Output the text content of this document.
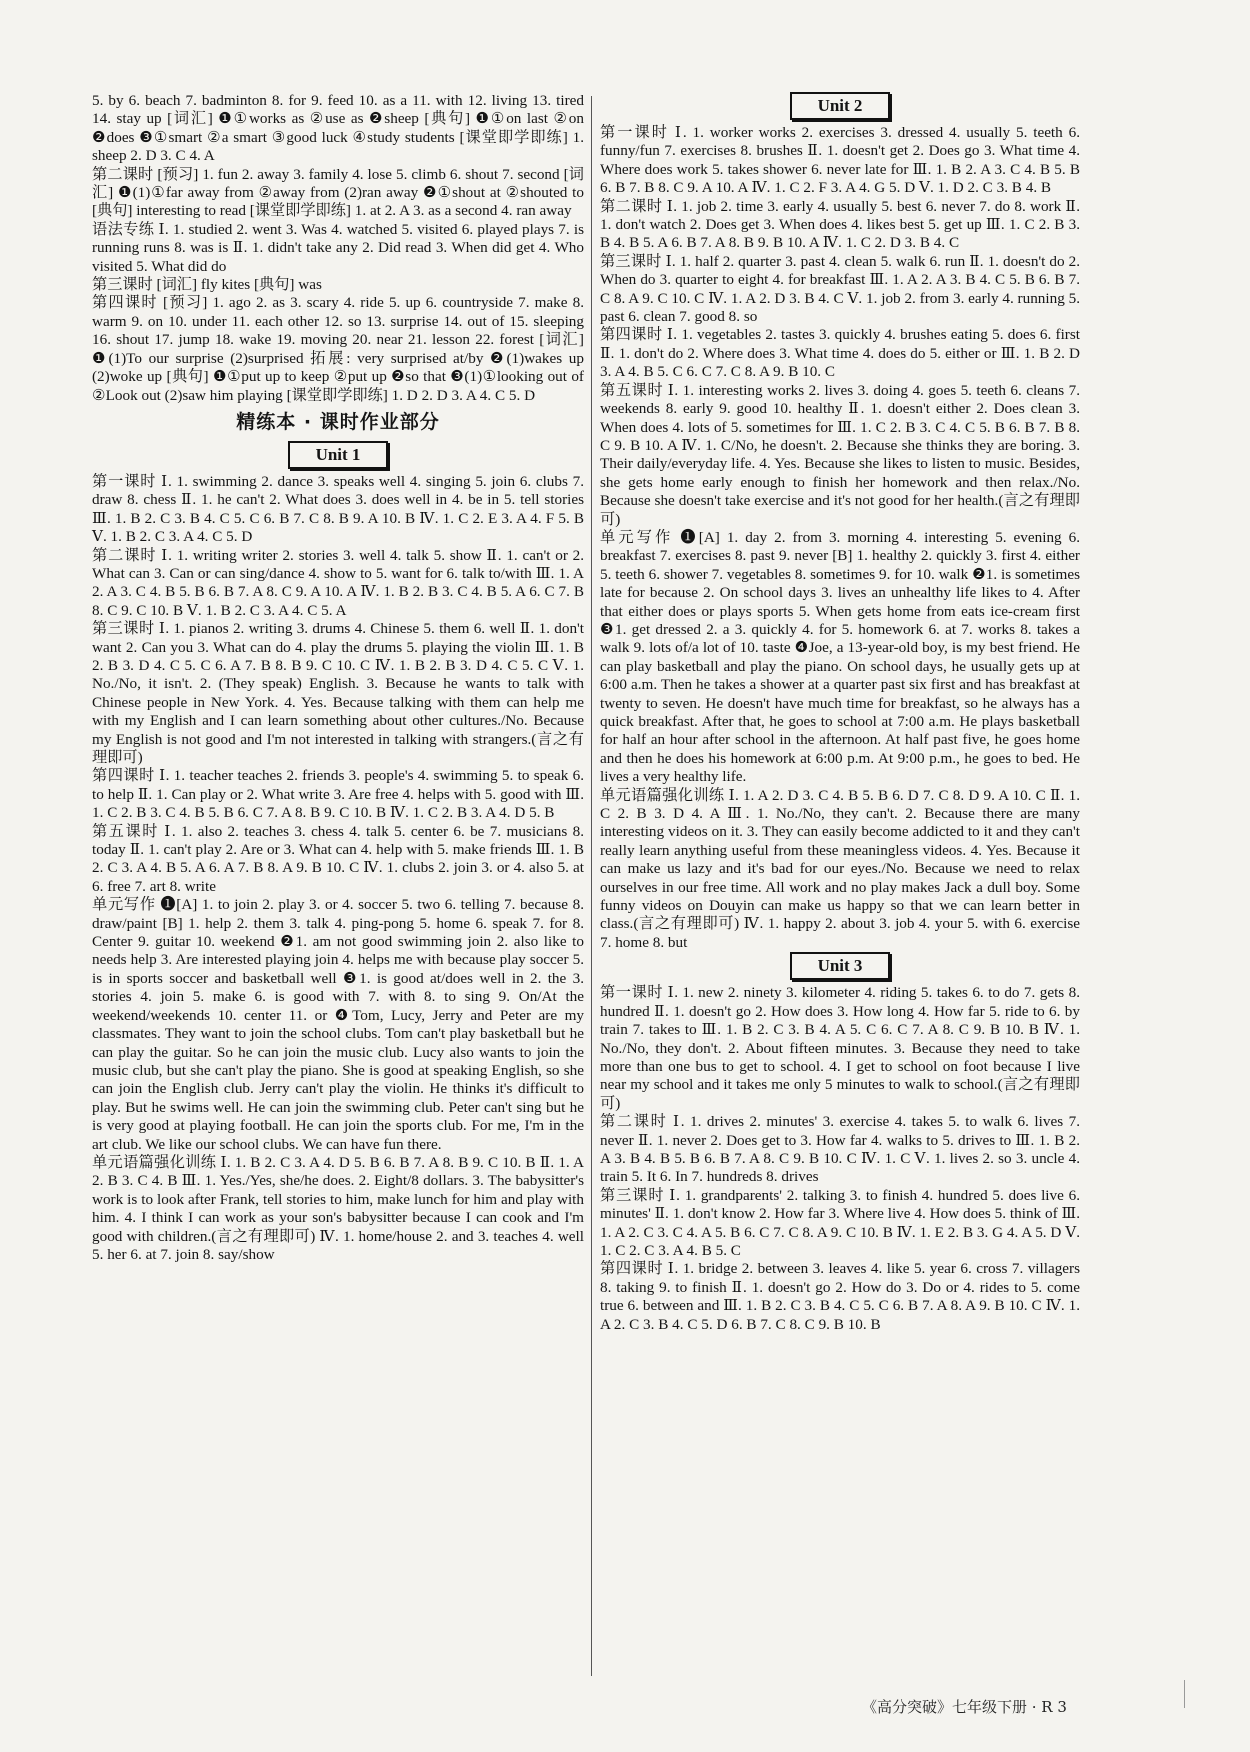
5. by 6. beach 7. badminton 8. for 9. feed 10. as a 11. with 12. living 13. tired 14. stay up [词汇] ❶①works as ②use as ❷sheep [典句] ❶①on last ②on ❷does ❸①smart ②a smart ③good luck ④study students [课堂即学即练] 1. sheep 2. D 3. C 4. A

第二课时 [预习] 1. fun 2. away 3. family 4. lose 5. climb 6. shout 7. second [词汇] ❶(1)①far away from ②away from (2)ran away ❷①shout at ②shouted to [典句] interesting to read [课堂即学即练] 1. at 2. A 3. as a second 4. ran away

语法专练 Ⅰ. 1. studied 2. went 3. Was 4. watched 5. visited 6. played plays 7. is running runs 8. was is Ⅱ. 1. didn't take any 2. Did read 3. When did get 4. Who visited 5. What did do

第三课时 [词汇] fly kites [典句] was

第四课时 [预习] 1. ago 2. as 3. scary 4. ride 5. up 6. countryside 7. make 8. warm 9. on 10. under 11. each other 12. so 13. surprise 14. out of 15. sleeping 16. shout 17. jump 18. wake 19. moving 20. near 21. lesson 22. forest [词汇] ❶(1)To our surprise (2)surprised 拓展: very surprised at/by ❷(1)wakes up (2)woke up [典句] ❶①put up to keep ②put up ❷so that ❸(1)①looking out of ②Look out (2)saw him playing [课堂即学即练] 1. D 2. D 3. A 4. C 5. D

精练本 · 课时作业部分
Unit 1

第一课时 Ⅰ. 1. swimming 2. dance 3. speaks well 4. singing 5. join 6. clubs 7. draw 8. chess Ⅱ. 1. he can't 2. What does 3. does well in 4. be in 5. tell stories Ⅲ. 1. B 2. C 3. B 4. C 5. C 6. B 7. C 8. B 9. A 10. B Ⅳ. 1. C 2. E 3. A 4. F 5. B Ⅴ. 1. B 2. C 3. A 4. C 5. D

第二课时 Ⅰ. 1. writing writer 2. stories 3. well 4. talk 5. show Ⅱ. 1. can't or 2. What can 3. Can or can sing/dance 4. show to 5. want for 6. talk to/with Ⅲ. 1. A 2. A 3. C 4. B 5. B 6. B 7. A 8. C 9. A 10. A Ⅳ. 1. B 2. B 3. C 4. B 5. A 6. C 7. B 8. C 9. C 10. B Ⅴ. 1. B 2. C 3. A 4. C 5. A

第三课时 Ⅰ. 1. pianos 2. writing 3. drums 4. Chinese 5. them 6. well Ⅱ. 1. don't want 2. Can you 3. What can do 4. play the drums 5. playing the violin Ⅲ. 1. B 2. B 3. D 4. C 5. C 6. A 7. B 8. B 9. C 10. C Ⅳ. 1. B 2. B 3. D 4. C 5. C Ⅴ. 1. No./No, it isn't. 2. (They speak) English. 3. Because he wants to talk with Chinese people in New York. 4. Yes. Because talking with them can help me with my English and I can learn something about other cultures./No. Because my English is not good and I'm not interested in talking with strangers.(言之有理即可)

第四课时 Ⅰ. 1. teacher teaches 2. friends 3. people's 4. swimming 5. to speak 6. to help Ⅱ. 1. Can play or 2. What write 3. Are free 4. helps with 5. good with Ⅲ. 1. C 2. B 3. C 4. B 5. B 6. C 7. A 8. B 9. C 10. B Ⅳ. 1. C 2. B 3. A 4. D 5. B

第五课时 Ⅰ. 1. also 2. teaches 3. chess 4. talk 5. center 6. be 7. musicians 8. today Ⅱ. 1. can't play 2. Are or 3. What can 4. help with 5. make friends Ⅲ. 1. B 2. C 3. A 4. B 5. A 6. A 7. B 8. A 9. B 10. C Ⅳ. 1. clubs 2. join 3. or 4. also 5. at 6. free 7. art 8. write

单元写作 ❶[A] 1. to join 2. play 3. or 4. soccer 5. two 6. telling 7. because 8. draw/paint [B] 1. help 2. them 3. talk 4. ping-pong 5. home 6. speak 7. for 8. Center 9. guitar 10. weekend ❷1. am not good swimming join 2. also like to needs help 3. Are interested playing join 4. helps me with because play soccer 5. is in sports soccer and basketball well ❸1. is good at/does well in 2. the 3. stories 4. join 5. make 6. is good with 7. with 8. to sing 9. On/At the weekend/weekends 10. center 11. or ❹Tom, Lucy, Jerry and Peter are my classmates. They want to join the school clubs. Tom can't play basketball but he can play the guitar. So he can join the music club. Lucy also wants to join the music club, but she can't play the piano. She is good at speaking English, so she can join the English club. Jerry can't play the violin. He thinks it's difficult to play. But he swims well. He can join the swimming club. Peter can't sing but he is very good at playing football. He can join the sports club. For me, I'm in the art club. We like our school clubs. We can have fun there.

单元语篇强化训练 Ⅰ. 1. B 2. C 3. A 4. D 5. B 6. B 7. A 8. B 9. C 10. B Ⅱ. 1. A 2. B 3. C 4. B Ⅲ. 1. Yes./Yes, she/he does. 2. Eight/8 dollars. 3. The babysitter's work is to look after Frank, tell stories to him, make lunch for him and play with him. 4. I think I can work as your son's babysitter because I can cook and I'm good with children.(言之有理即可) Ⅳ. 1. home/house 2. and 3. teaches 4. well 5. her 6. at 7. join 8. say/show

Unit 2

第一课时 Ⅰ. 1. worker works 2. exercises 3. dressed 4. usually 5. teeth 6. funny/fun 7. exercises 8. brushes Ⅱ. 1. doesn't get 2. Does go 3. What time 4. Where does work 5. takes shower 6. never late for Ⅲ. 1. B 2. A 3. C 4. B 5. B 6. B 7. B 8. C 9. A 10. A Ⅳ. 1. C 2. F 3. A 4. G 5. D Ⅴ. 1. D 2. C 3. B 4. B

第二课时 Ⅰ. 1. job 2. time 3. early 4. usually 5. best 6. never 7. do 8. work Ⅱ. 1. don't watch 2. Does get 3. When does 4. likes best 5. get up Ⅲ. 1. C 2. B 3. B 4. B 5. A 6. B 7. A 8. B 9. B 10. A Ⅳ. 1. C 2. D 3. B 4. C

第三课时 Ⅰ. 1. half 2. quarter 3. past 4. clean 5. walk 6. run Ⅱ. 1. doesn't do 2. When do 3. quarter to eight 4. for breakfast Ⅲ. 1. A 2. A 3. B 4. C 5. B 6. B 7. C 8. A 9. C 10. C Ⅳ. 1. A 2. D 3. B 4. C Ⅴ. 1. job 2. from 3. early 4. running 5. past 6. clean 7. good 8. so

第四课时 Ⅰ. 1. vegetables 2. tastes 3. quickly 4. brushes eating 5. does 6. first Ⅱ. 1. don't do 2. Where does 3. What time 4. does do 5. either or Ⅲ. 1. B 2. D 3. A 4. B 5. C 6. C 7. C 8. A 9. B 10. C

第五课时 Ⅰ. 1. interesting works 2. lives 3. doing 4. goes 5. teeth 6. cleans 7. weekends 8. early 9. good 10. healthy Ⅱ. 1. doesn't either 2. Does clean 3. When does 4. lots of 5. sometimes for Ⅲ. 1. C 2. B 3. C 4. C 5. B 6. B 7. B 8. C 9. B 10. A Ⅳ. 1. C/No, he doesn't. 2. Because she thinks they are boring. 3. Their daily/everyday life. 4. Yes. Because she likes to listen to music. Besides, she gets home early enough to finish her homework and then relax./No. Because she doesn't take exercise and it's not good for her health.(言之有理即可)

单元写作 ❶[A] 1. day 2. from 3. morning 4. interesting 5. evening 6. breakfast 7. exercises 8. past 9. never [B] 1. healthy 2. quickly 3. first 4. either 5. teeth 6. shower 7. vegetables 8. sometimes 9. for 10. walk ❷1. is sometimes late for because 2. On school days 3. lives an unhealthy life likes to 4. After that either does or plays sports 5. When gets home from eats ice-cream first ❸1. get dressed 2. a 3. quickly 4. for 5. homework 6. at 7. works 8. takes a walk 9. lots of/a lot of 10. taste ❹Joe, a 13-year-old boy, is my best friend. He can play basketball and play the piano. On school days, he usually gets up at 6:00 a.m. Then he takes a shower at a quarter past six first and has breakfast at twenty to seven. He doesn't have much time for breakfast, so he always has a quick breakfast. After that, he goes to school at 7:00 a.m. He plays basketball for half an hour after school in the afternoon. At half past five, he goes home and then he does his homework at 6:00 p.m. At 9:00 p.m., he goes to bed. He lives a very healthy life.

单元语篇强化训练 Ⅰ. 1. A 2. D 3. C 4. B 5. B 6. D 7. C 8. D 9. A 10. C Ⅱ. 1. C 2. B 3. D 4. A Ⅲ. 1. No./No, they can't. 2. Because there are many interesting videos on it. 3. They can easily become addicted to it and they can't really learn anything useful from these meaningless videos. 4. Yes. Because it can make us lazy and it's bad for our eyes./No. Because we need to relax ourselves in our free time. All work and no play makes Jack a dull boy. Some funny videos on Douyin can make us happy so that we can learn better in class.(言之有理即可) Ⅳ. 1. happy 2. about 3. job 4. your 5. with 6. exercise 7. home 8. but

Unit 3

第一课时 Ⅰ. 1. new 2. ninety 3. kilometer 4. riding 5. takes 6. to do 7. gets 8. hundred Ⅱ. 1. doesn't go 2. How does 3. How long 4. How far 5. ride to 6. by train 7. takes to Ⅲ. 1. B 2. C 3. B 4. A 5. C 6. C 7. A 8. C 9. B 10. B Ⅳ. 1. No./No, they don't. 2. About fifteen minutes. 3. Because they need to take more than one bus to get to school. 4. I get to school on foot because I live near my school and it takes me only 5 minutes to walk to school.(言之有理即可)

第二课时 Ⅰ. 1. drives 2. minutes' 3. exercise 4. takes 5. to walk 6. lives 7. never Ⅱ. 1. never 2. Does get to 3. How far 4. walks to 5. drives to Ⅲ. 1. B 2. A 3. B 4. B 5. B 6. B 7. A 8. C 9. B 10. C Ⅳ. 1. C Ⅴ. 1. lives 2. so 3. uncle 4. train 5. It 6. In 7. hundreds 8. drives

第三课时 Ⅰ. 1. grandparents' 2. talking 3. to finish 4. hundred 5. does live 6. minutes' Ⅱ. 1. don't know 2. How far 3. Where live 4. How does 5. think of Ⅲ. 1. A 2. C 3. C 4. A 5. B 6. C 7. C 8. A 9. C 10. B Ⅳ. 1. E 2. B 3. G 4. A 5. D Ⅴ. 1. C 2. C 3. A 4. B 5. C

第四课时 Ⅰ. 1. bridge 2. between 3. leaves 4. like 5. year 6. cross 7. villagers 8. taking 9. to finish Ⅱ. 1. doesn't go 2. How do 3. Do or 4. rides to 5. come true 6. between and Ⅲ. 1. B 2. C 3. B 4. C 5. C 6. B 7. A 8. A 9. B 10. C Ⅳ. 1. A 2. C 3. B 4. C 5. D 6. B 7. C 8. C 9. B 10. B

《高分突破》七年级下册 · R 3
